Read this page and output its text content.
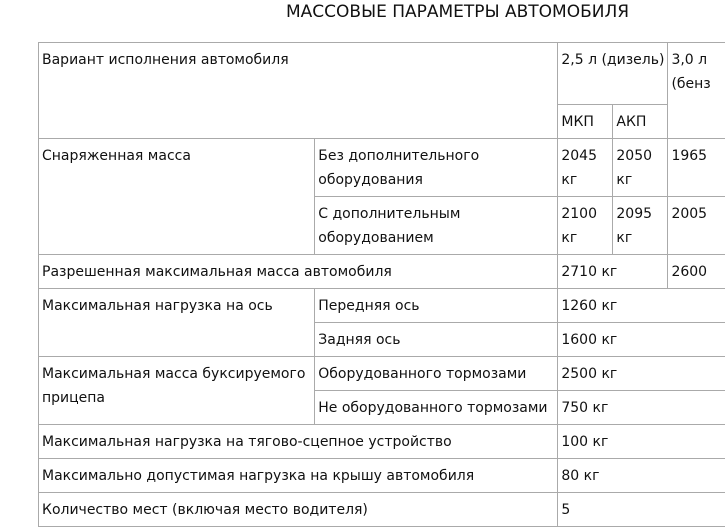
МАССОВЫЕ ПАРАМЕТРЫ АВТОМОБИЛЯ
Вариант исполнения автомобиля		2,5 л (дизель)		3,0 л (бенз

		МКП	АКП	
Снаряженная масса	Без дополнительного оборудования	2045 кг	2050 кг	1965
	С дополнительным оборудованием	2100 кг	2095 кг	2005
Разрешенная максимальная масса автомобиля		2710 кг		2600
Максимальная нагрузка на ось	Передняя ось	1260 кг		
	Задняя ось	1600 кг		
Максимальная масса буксируемого прицепа	Оборудованного тормозами	2500 кг		
	Не оборудованного тормозами	750 кг		
Максимальная нагрузка на тягово-сцепное устройство		100 кг		
Максимально допустимая нагрузка на крышу автомобиля		80 кг		
Количество мест (включая место водителя)		5		
